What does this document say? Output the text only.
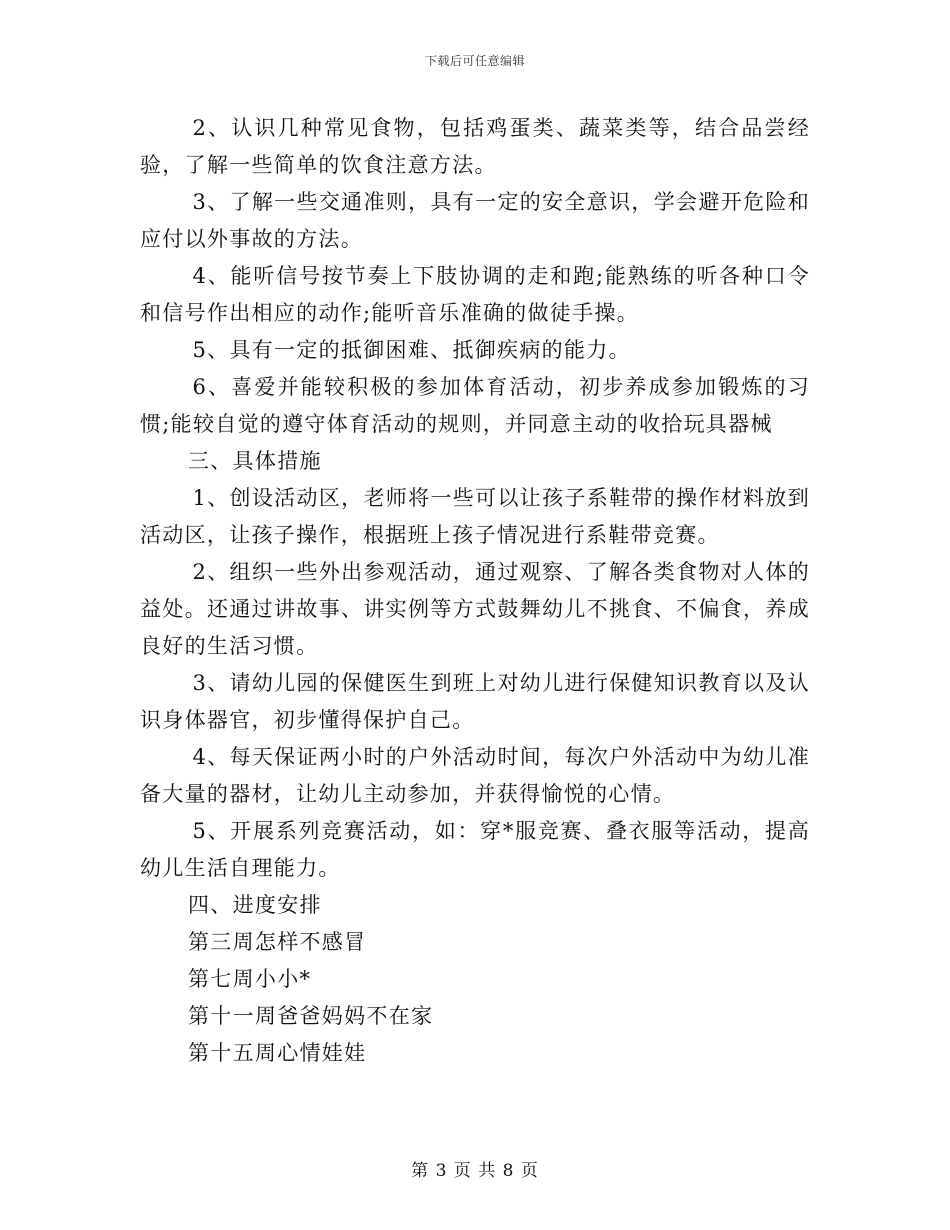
下载后可任意编辑

2、认识几种常见食物，包括鸡蛋类、蔬菜类等，结合品尝经验，了解一些简单的饮食注意方法。

3、了解一些交通准则，具有一定的安全意识，学会避开危险和应付以外事故的方法。

4、能听信号按节奏上下肢协调的走和跑;能熟练的听各种口令和信号作出相应的动作;能听音乐准确的做徒手操。

5、具有一定的抵御困难、抵御疾病的能力。

6、喜爱并能较积极的参加体育活动，初步养成参加锻炼的习惯;能较自觉的遵守体育活动的规则，并同意主动的收拾玩具器械

三、具体措施

1、创设活动区，老师将一些可以让孩子系鞋带的操作材料放到活动区，让孩子操作，根据班上孩子情况进行系鞋带竞赛。

2、组织一些外出参观活动，通过观察、了解各类食物对人体的益处。还通过讲故事、讲实例等方式鼓舞幼儿不挑食、不偏食，养成良好的生活习惯。

3、请幼儿园的保健医生到班上对幼儿进行保健知识教育以及认识身体器官，初步懂得保护自己。

4、每天保证两小时的户外活动时间，每次户外活动中为幼儿准备大量的器材，让幼儿主动参加，并获得愉悦的心情。

5、开展系列竞赛活动，如：穿*服竞赛、叠衣服等活动，提高幼儿生活自理能力。

四、进度安排

第三周怎样不感冒

第七周小小*

第十一周爸爸妈妈不在家

第十五周心情娃娃

第 3 页 共 8 页
